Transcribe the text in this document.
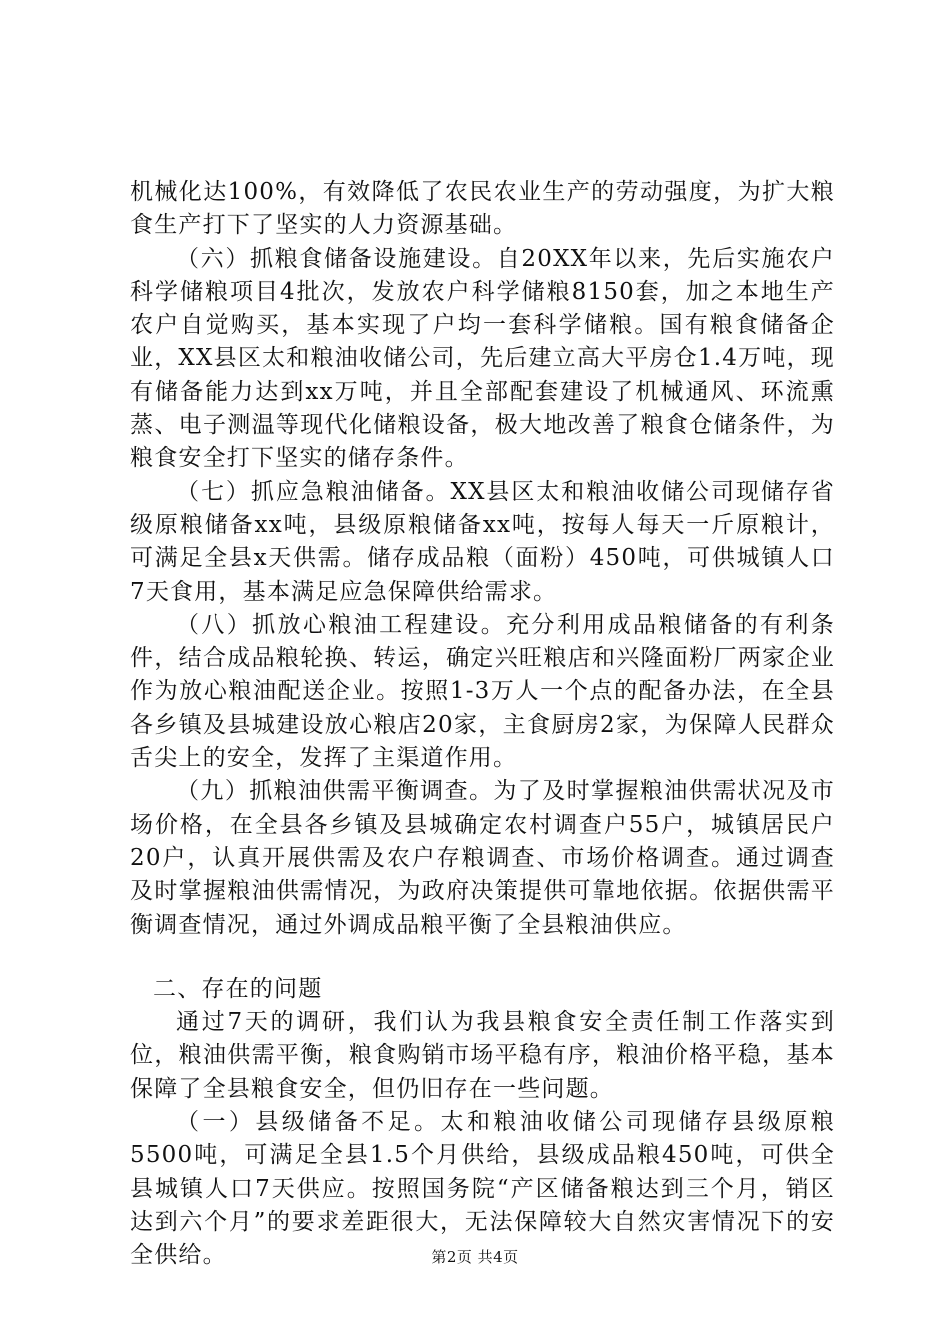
机械化达100%，有效降低了农民农业生产的劳动强度，为扩大粮食生产打下了坚实的人力资源基础。

（六）抓粮食储备设施建设。自20XX年以来，先后实施农户科学储粮项目4批次，发放农户科学储粮8150套，加之本地生产农户自觉购买，基本实现了户均一套科学储粮。国有粮食储备企业，XX县区太和粮油收储公司，先后建立高大平房仓1.4万吨，现有储备能力达到xx万吨，并且全部配套建设了机械通风、环流熏蒸、电子测温等现代化储粮设备，极大地改善了粮食仓储条件，为粮食安全打下坚实的储存条件。

（七）抓应急粮油储备。XX县区太和粮油收储公司现储存省级原粮储备xx吨，县级原粮储备xx吨，按每人每天一斤原粮计，可满足全县x天供需。储存成品粮（面粉）450吨，可供城镇人口7天食用，基本满足应急保障供给需求。

（八）抓放心粮油工程建设。充分利用成品粮储备的有利条件，结合成品粮轮换、转运，确定兴旺粮店和兴隆面粉厂两家企业作为放心粮油配送企业。按照1-3万人一个点的配备办法，在全县各乡镇及县城建设放心粮店20家，主食厨房2家，为保障人民群众舌尖上的安全，发挥了主渠道作用。

（九）抓粮油供需平衡调查。为了及时掌握粮油供需状况及市场价格，在全县各乡镇及县城确定农村调查户55户，城镇居民户20户，认真开展供需及农户存粮调查、市场价格调查。通过调查及时掌握粮油供需情况，为政府决策提供可靠地依据。依据供需平衡调查情况，通过外调成品粮平衡了全县粮油供应。

二、存在的问题

通过7天的调研，我们认为我县粮食安全责任制工作落实到位，粮油供需平衡，粮食购销市场平稳有序，粮油价格平稳，基本保障了全县粮食安全，但仍旧存在一些问题。

（一）县级储备不足。太和粮油收储公司现储存县级原粮5500吨，可满足全县1.5个月供给，县级成品粮450吨，可供全县城镇人口7天供应。按照国务院“产区储备粮达到三个月，销区达到六个月”的要求差距很大，无法保障较大自然灾害情况下的安全供给。	第2页 共4页
